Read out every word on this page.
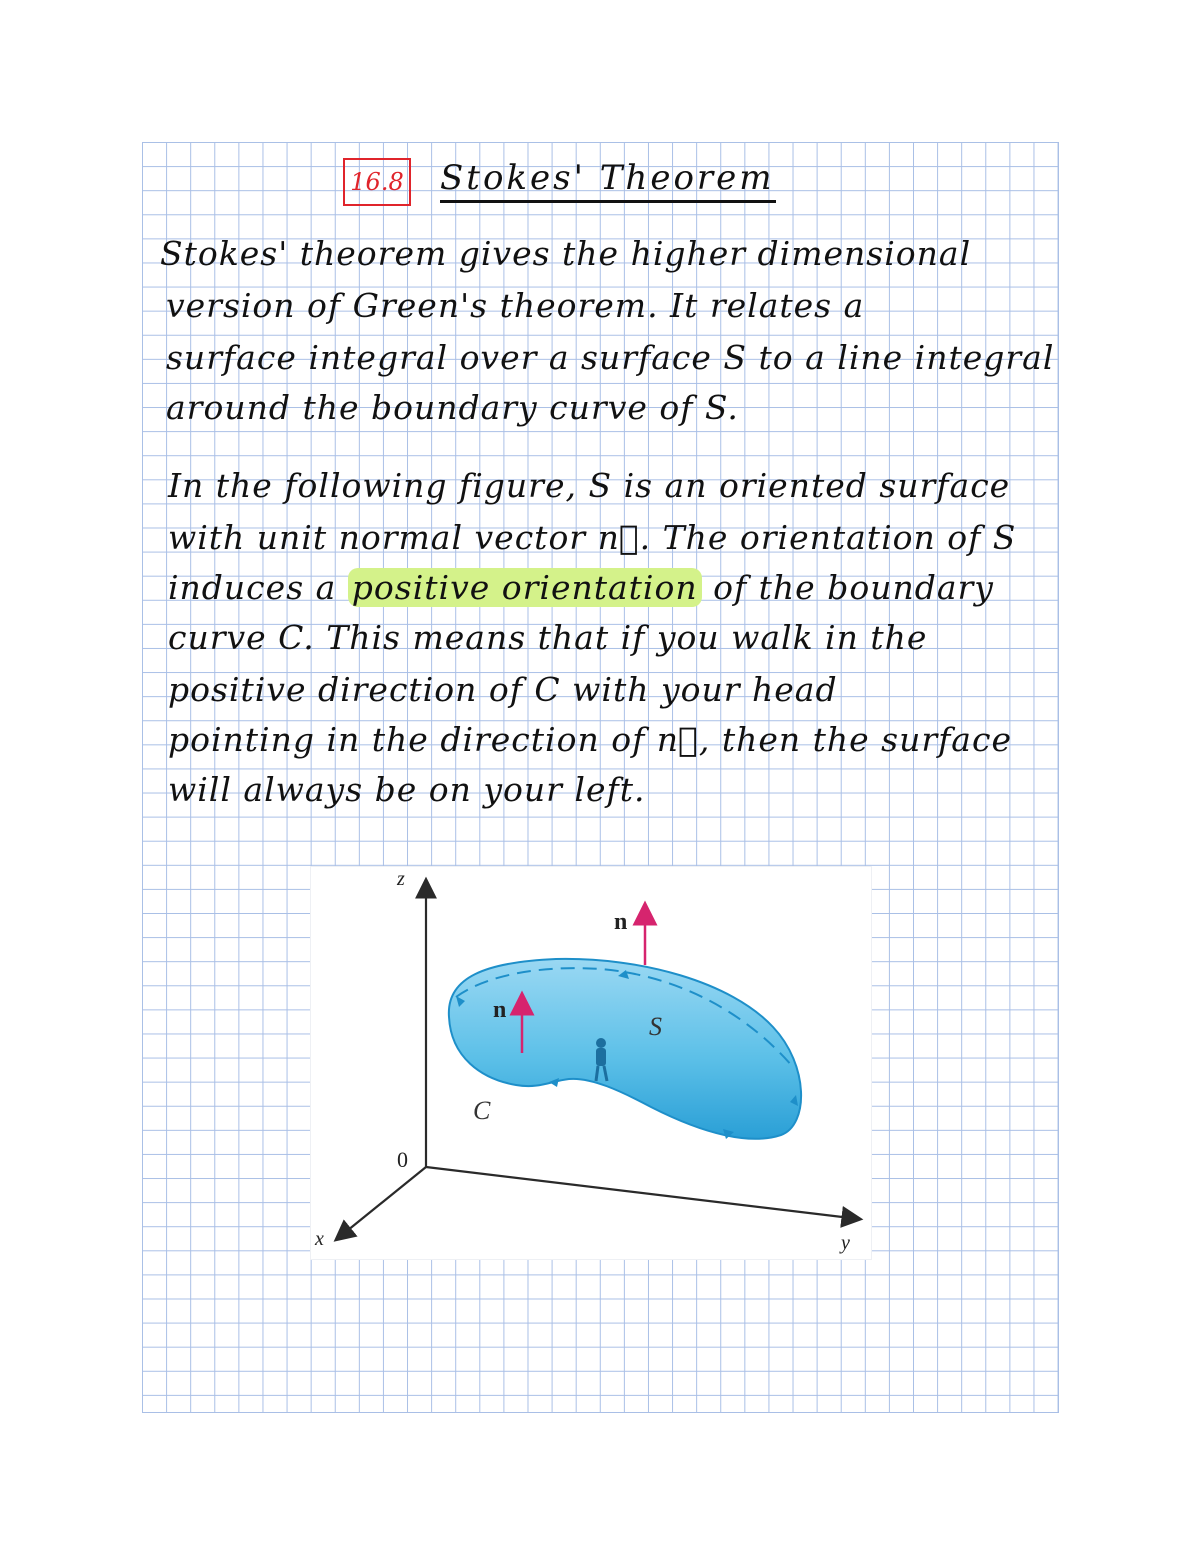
16.8 Stokes' Theorem
Stokes' theorem gives the higher dimensional
version of Green's theorem. It relates a
surface integral over a surface S to a line integral
around the boundary curve of S.
In the following figure, S is an oriented surface
with unit normal vector n⃗. The orientation of S
induces a positive orientation of the boundary
curve C. This means that if you walk in the
positive direction of C with your head
pointing in the direction of n⃗, then the surface
will always be on your left.
z
y
x
0
n
n
S
C
